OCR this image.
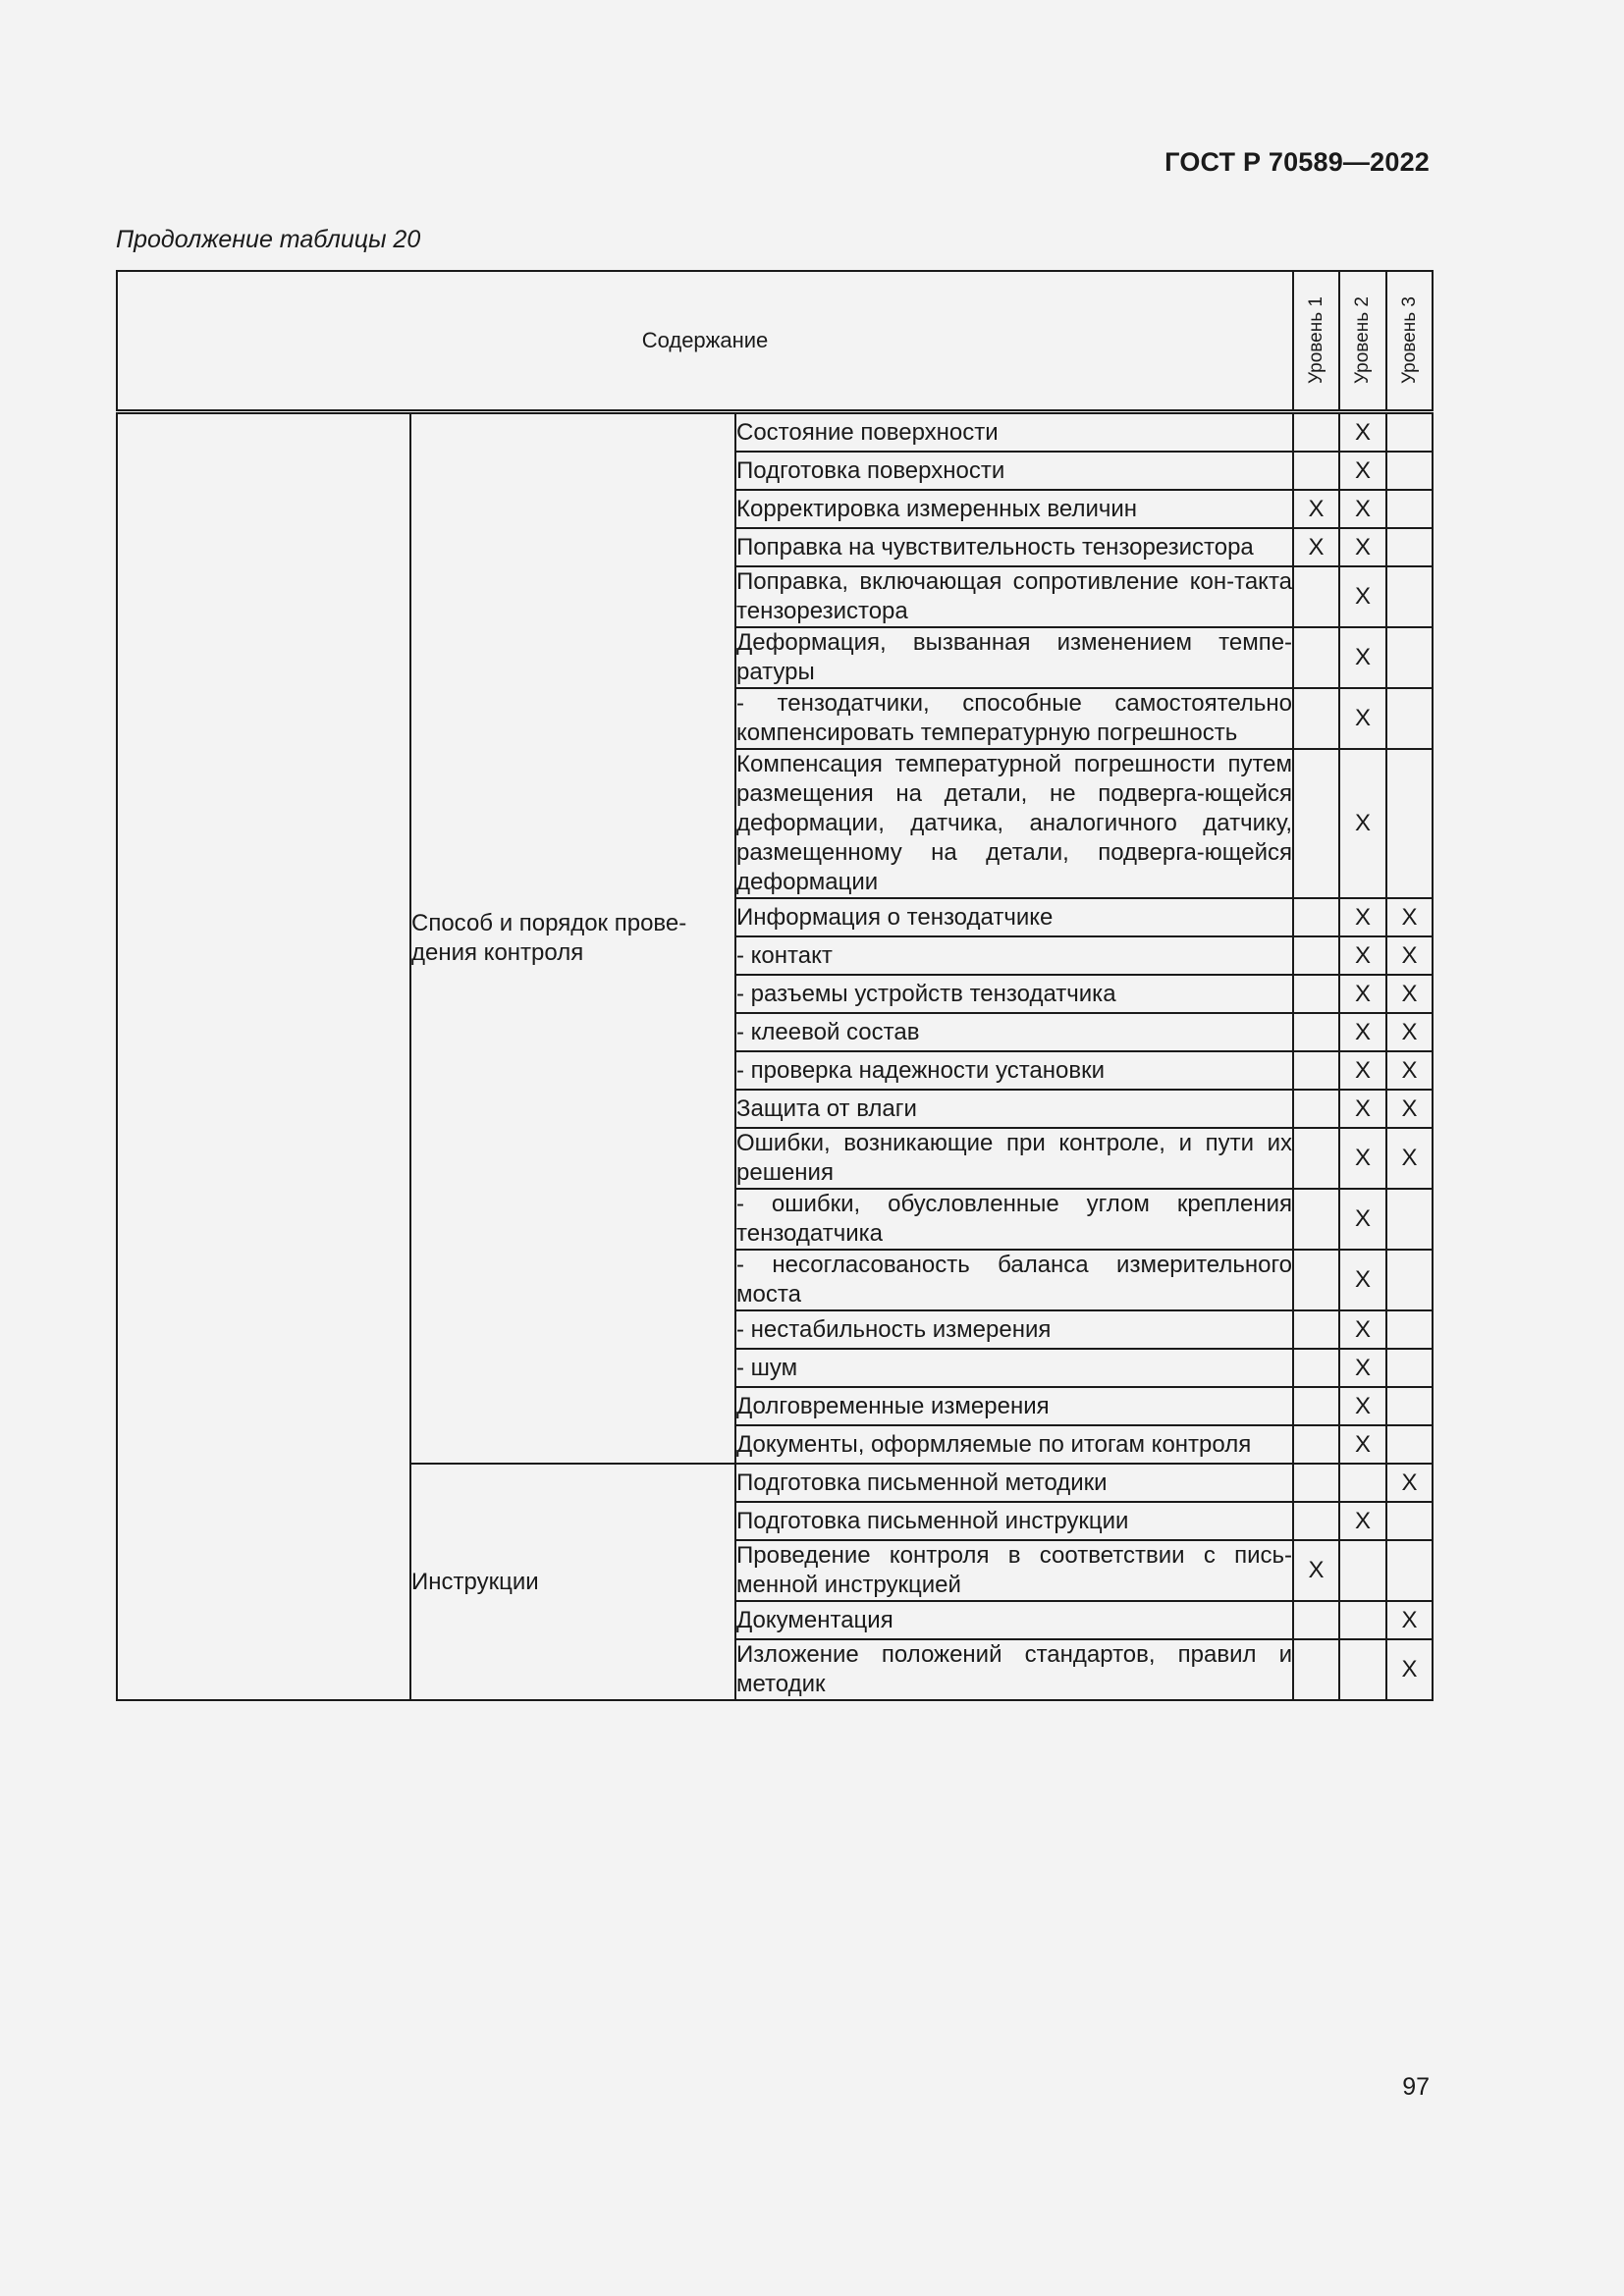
ГОСТ Р 70589—2022
Продолжение таблицы 20
Содержание			Уровень 1	Уровень 2	Уровень 3

	Способ и порядок прове-дения контроля	Состояние поверхности		X	
		Подготовка поверхности		X	
		Корректировка измеренных величин	X	X	
		Поправка на чувствительность тензорезистора	X	X	
		Поправка, включающая сопротивление кон-такта тензорезистора		X	
		Деформация, вызванная изменением темпе-ратуры		X	
		- тензодатчики, способные самостоятельно компенсировать температурную погрешность		X	
		Компенсация температурной погрешности путем размещения на детали, не подверга-ющейся деформации, датчика, аналогичного датчику, размещенному на детали, подверга-ющейся деформации		X	
		Информация о тензодатчике		X	X
		- контакт		X	X
		- разъемы устройств тензодатчика		X	X
		- клеевой состав		X	X
		- проверка надежности установки		X	X
		Защита от влаги		X	X
		Ошибки, возникающие при контроле, и пути их решения		X	X
		- ошибки, обусловленные углом крепления тензодатчика		X	
		- несогласованость баланса измерительного моста		X	
		- нестабильность измерения		X	
		- шум		X	
		Долговременные измерения		X	
		Документы, оформляемые по итогам контроля		X	
	Инструкции	Подготовка письменной методики			X
		Подготовка письменной инструкции		X	
		Проведение контроля в соответствии с пись-менной инструкцией	X		
		Документация			X
		Изложение положений стандартов, правил и методик			X
97
